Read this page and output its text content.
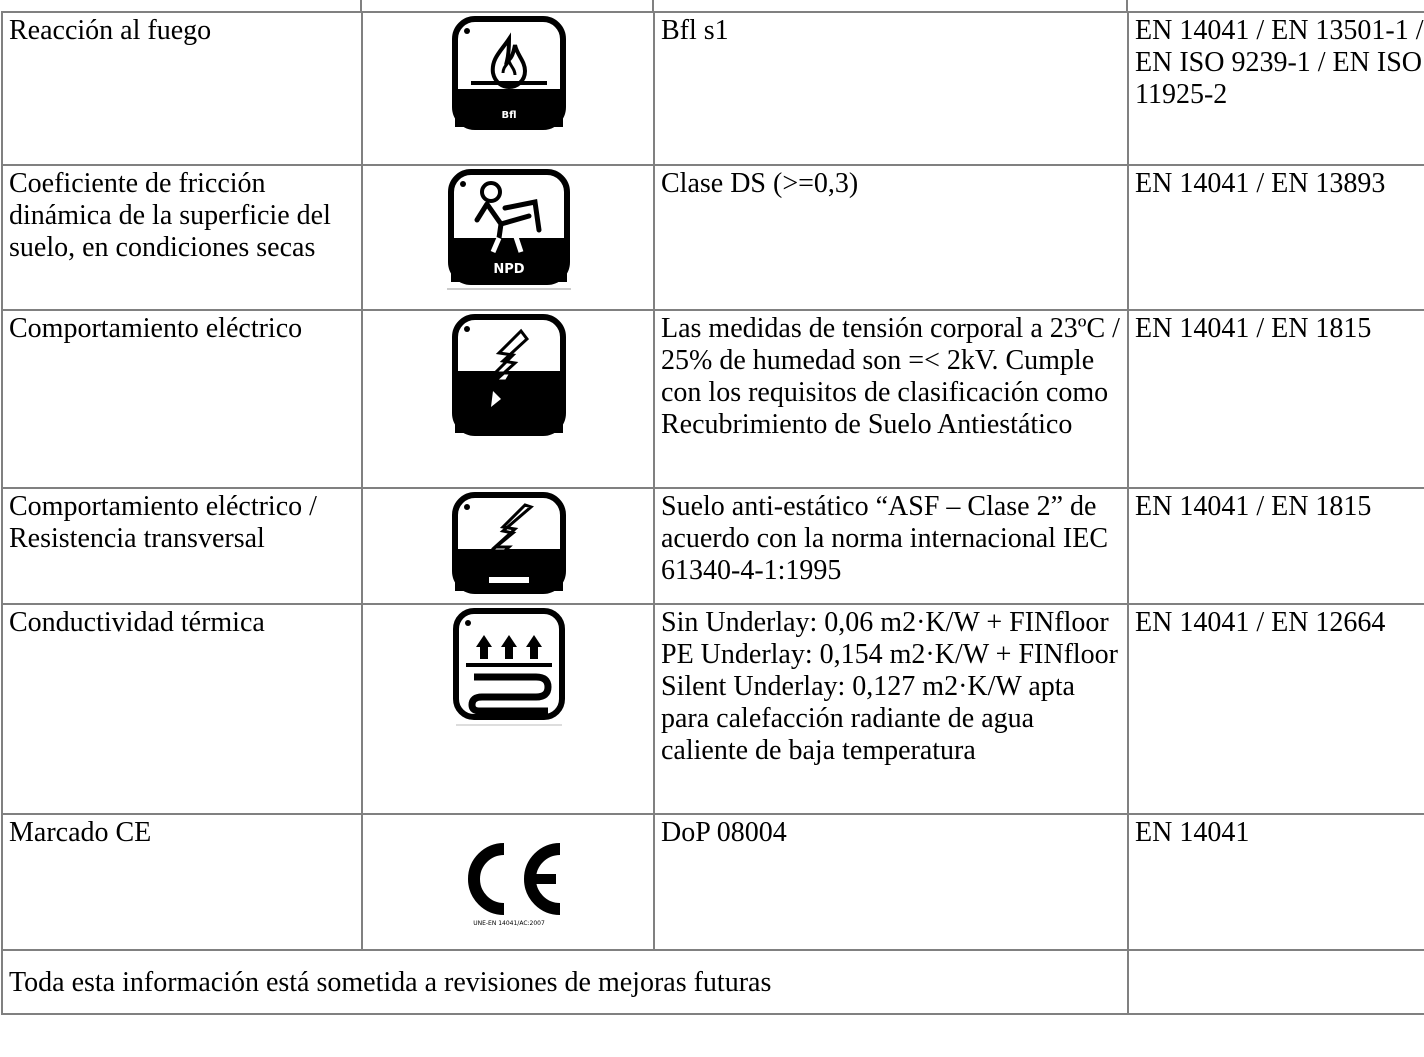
Reacción al fuego	Bfl	Bfl s1	EN 14041 / EN 13501-1 / EN ISO 9239-1 / EN ISO 11925-2
Coeficiente de fricción dinámica de la superficie del suelo, en condiciones secas	NPD	Clase DS (>=0,3)	EN 14041 / EN 13893
Comportamiento eléctrico		Las medidas de tensión corporal a 23ºC / 25% de humedad son =< 2kV. Cumple con los requisitos de clasificación como Recubrimiento de Suelo Antiestático	EN 14041 / EN 1815
Comportamiento eléctrico / Resistencia transversal		Suelo anti-estático “ASF – Clase 2” de acuerdo con la norma internacional IEC 61340-4-1:1995	EN 14041 / EN 1815
Conductividad térmica		Sin Underlay: 0,06 m2·K/W + FINfloor PE Underlay: 0,154 m2·K/W + FINfloor Silent Underlay: 0,127 m2·K/W apta para calefacción radiante de agua caliente de baja temperatura	EN 14041 / EN 12664
Marcado CE	UNE-EN 14041/AC:2007	DoP 08004	EN 14041
Toda esta información está sometida a revisiones de mejoras futuras			
